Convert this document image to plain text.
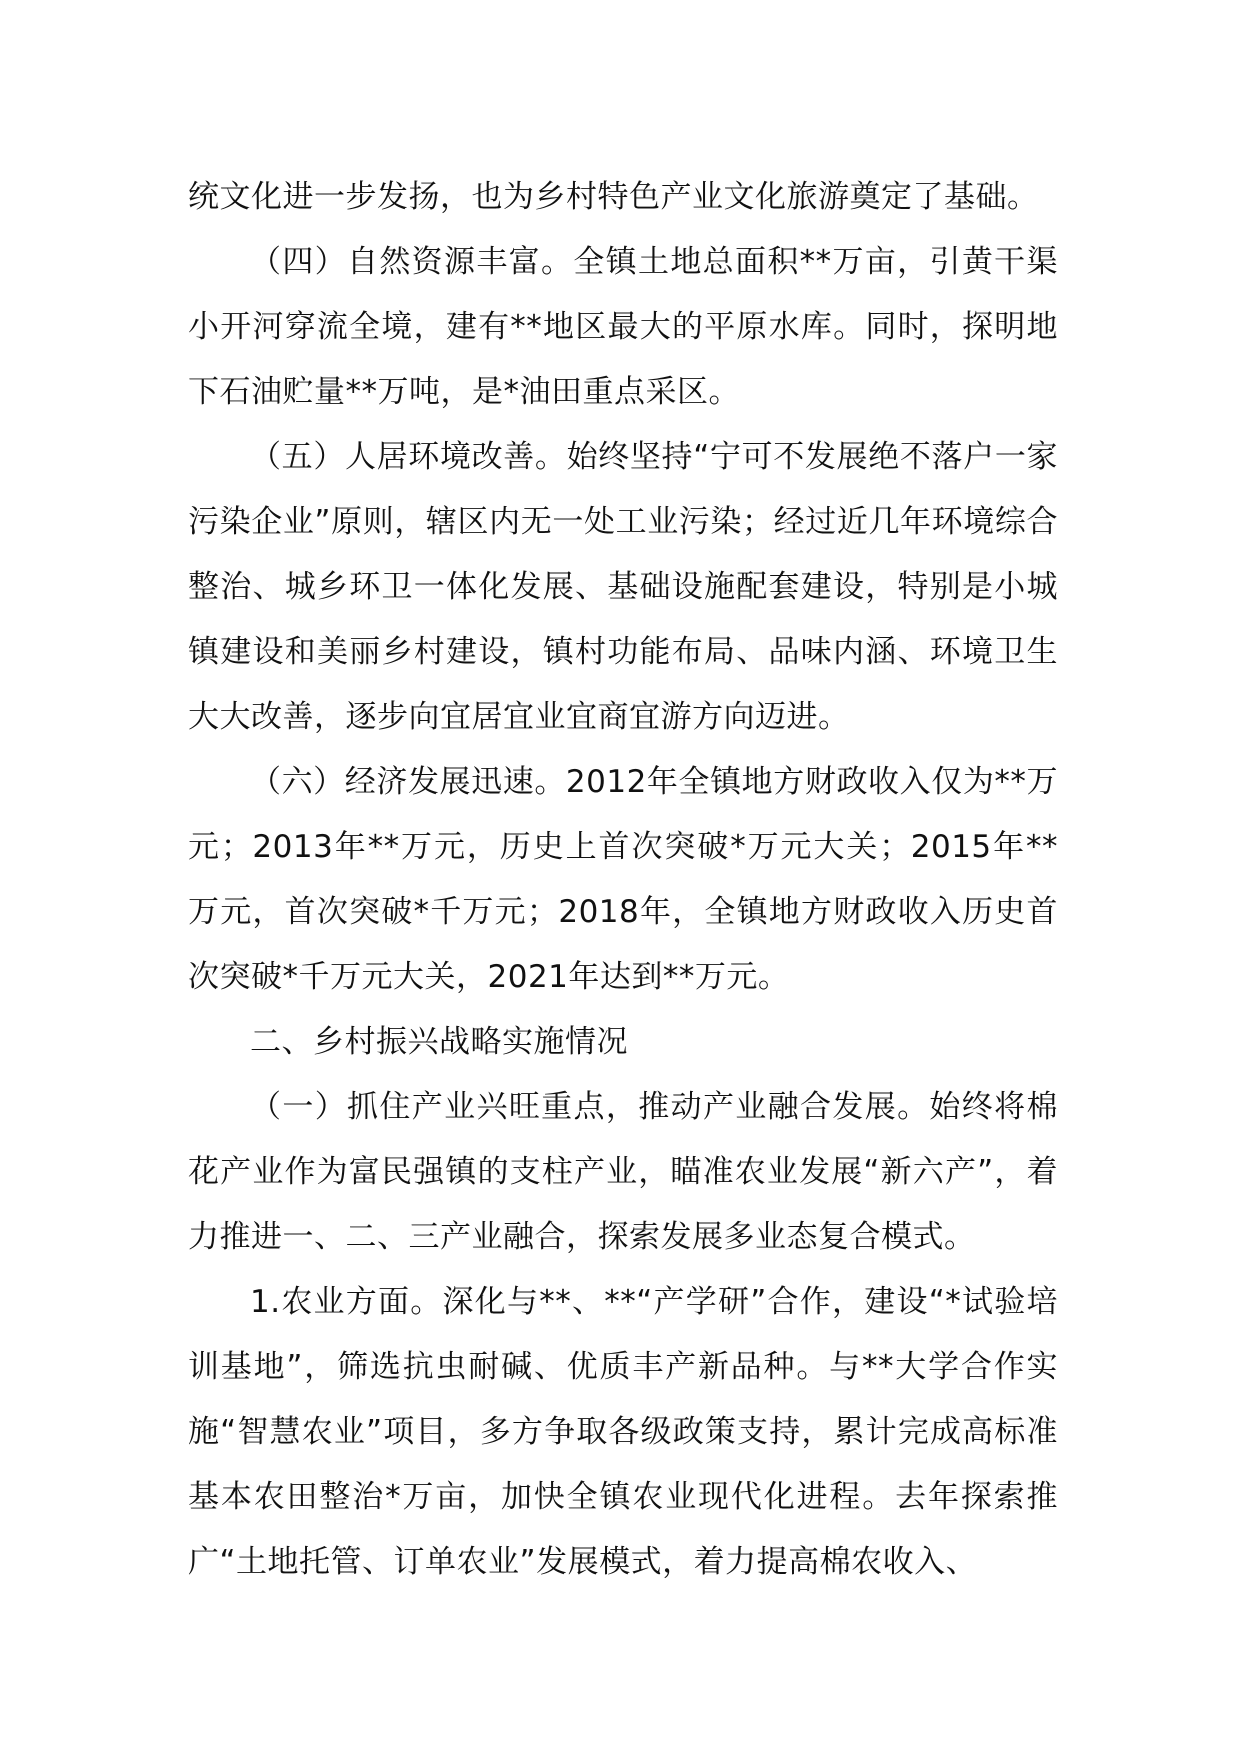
统文化进一步发扬，也为乡村特色产业文化旅游奠定了基础。

（四）自然资源丰富。全镇土地总面积**万亩，引黄干渠小开河穿流全境，建有**地区最大的平原水库。同时，探明地下石油贮量**万吨，是*油田重点采区。

（五）人居环境改善。始终坚持“宁可不发展绝不落户一家污染企业”原则，辖区内无一处工业污染；经过近几年环境综合整治、城乡环卫一体化发展、基础设施配套建设，特别是小城镇建设和美丽乡村建设，镇村功能布局、品味内涵、环境卫生大大改善，逐步向宜居宜业宜商宜游方向迈进。

（六）经济发展迅速。2012年全镇地方财政收入仅为**万元；2013年**万元，历史上首次突破*万元大关；2015年**万元，首次突破*千万元；2018年，全镇地方财政收入历史首次突破*千万元大关，2021年达到**万元。

二、乡村振兴战略实施情况

（一）抓住产业兴旺重点，推动产业融合发展。始终将棉花产业作为富民强镇的支柱产业，瞄准农业发展“新六产”，着力推进一、二、三产业融合，探索发展多业态复合模式。

1.农业方面。深化与**、**“产学研”合作，建设“*试验培训基地”，筛选抗虫耐碱、优质丰产新品种。与**大学合作实施“智慧农业”项目，多方争取各级政策支持，累计完成高标准基本农田整治*万亩，加快全镇农业现代化进程。去年探索推广“土地托管、订单农业”发展模式，着力提高棉农收入、
